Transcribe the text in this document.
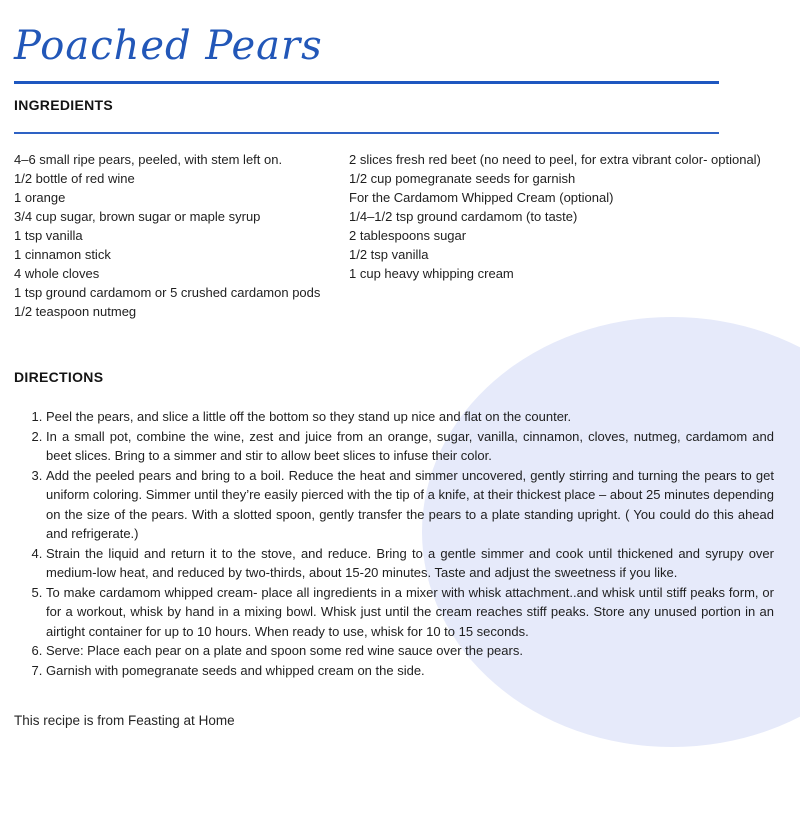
Poached Pears
INGREDIENTS
4–6 small ripe pears, peeled, with stem left on.
1/2 bottle of red wine
1 orange
3/4 cup sugar, brown sugar or maple syrup
1 tsp vanilla
1 cinnamon stick
4 whole cloves
1 tsp ground cardamom or 5 crushed cardamon pods
1/2 teaspoon nutmeg
2 slices fresh red beet (no need to peel, for extra vibrant color- optional)
1/2 cup pomegranate seeds for garnish
For the Cardamom Whipped Cream (optional)
1/4–1/2 tsp ground cardamom (to taste)
2 tablespoons sugar
1/2 tsp vanilla
1 cup heavy whipping cream
DIRECTIONS
1. Peel the pears, and slice a little off the bottom so they stand up nice and flat on the counter.
2. In a small pot, combine the wine, zest and juice from an orange, sugar, vanilla, cinnamon, cloves, nutmeg, cardamom and beet slices. Bring to a simmer and stir to allow beet slices to infuse their color.
3. Add the peeled pears and bring to a boil. Reduce the heat and simmer uncovered, gently stirring and turning the pears to get uniform coloring. Simmer until they’re easily pierced with the tip of a knife, at their thickest place – about 25 minutes depending on the size of the pears. With a slotted spoon, gently transfer the pears to a plate standing upright. ( You could do this ahead and refrigerate.)
4. Strain the liquid and return it to the stove, and reduce. Bring to a gentle simmer and cook until thickened and syrupy over medium-low heat, and reduced by two-thirds, about 15-20 minutes. Taste and adjust the sweetness if you like.
5. To make cardamom whipped cream- place all ingredients in a mixer with whisk attachment..and whisk until stiff peaks form, or for a workout, whisk by hand in a mixing bowl. Whisk just until the cream reaches stiff peaks. Store any unused portion in an airtight container for up to 10 hours. When ready to use, whisk for 10 to 15 seconds.
6. Serve: Place each pear on a plate and spoon some red wine sauce over the pears.
7. Garnish with pomegranate seeds and whipped cream on the side.

This recipe is from Feasting at Home
